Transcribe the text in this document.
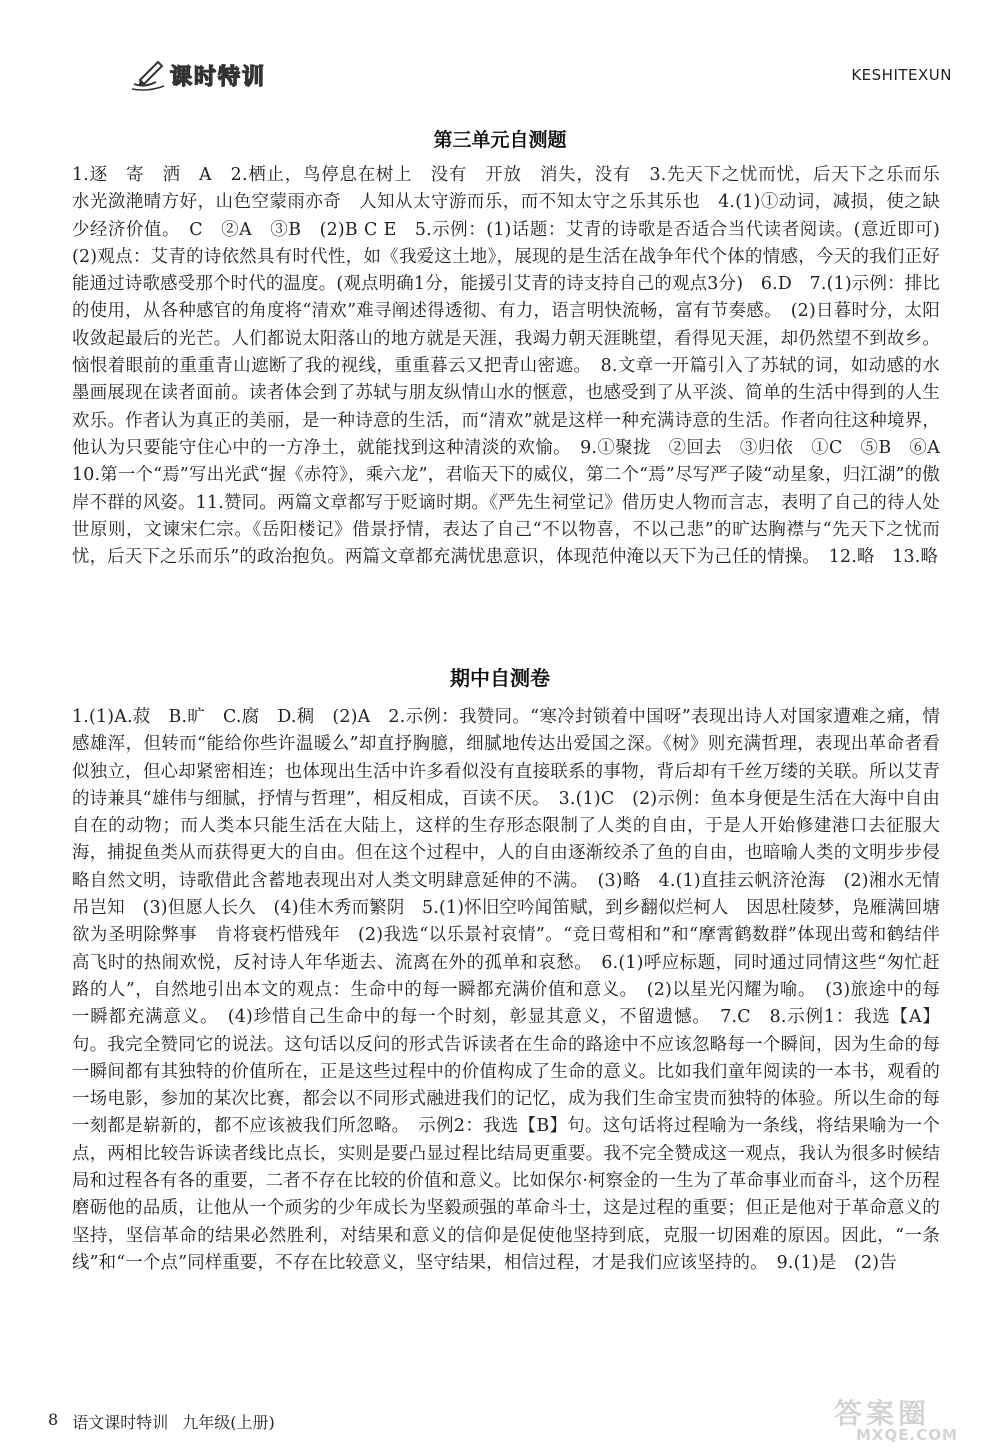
课时特训	KESHITEXUN
第三单元自测题
1.逐　寄　洒　A　2.栖止，鸟停息在树上　没有　开放　消失，没有　3.先天下之忧而忧，后天下之乐而乐　水光潋滟晴方好，山色空蒙雨亦奇　人知从太守游而乐，而不知太守之乐其乐也　4.(1)①动词，减损，使之缺少经济价值。　C　②A　③B　(2)B C E　5.示例：(1)话题：艾青的诗歌是否适合当代读者阅读。(意近即可)(2)观点：艾青的诗依然具有时代性，如《我爱这土地》，展现的是生活在战争年代个体的情感，今天的我们正好能通过诗歌感受那个时代的温度。(观点明确1分，能援引艾青的诗支持自己的观点3分)　6.D　7.(1)示例：排比的使用，从各种感官的角度将“清欢”难寻阐述得透彻、有力，语言明快流畅，富有节奏感。　(2)日暮时分，太阳收敛起最后的光芒。人们都说太阳落山的地方就是天涯，我竭力朝天涯眺望，看得见天涯，却仍然望不到故乡。恼恨着眼前的重重青山遮断了我的视线，重重暮云又把青山密遮。　8.文章一开篇引入了苏轼的词，如动感的水墨画展现在读者面前。读者体会到了苏轼与朋友纵情山水的惬意，也感受到了从平淡、简单的生活中得到的人生欢乐。作者认为真正的美丽，是一种诗意的生活，而“清欢”就是这样一种充满诗意的生活。作者向往这种境界，他认为只要能守住心中的一方净土，就能找到这种清淡的欢愉。　9.①聚拢　②回去　③归依　①C　⑤B　⑥A　10.第一个“焉”写出光武“握《赤符》，乘六龙”，君临天下的威仪，第二个“焉”尽写严子陵“动星象，归江湖”的傲岸不群的风姿。11.赞同。两篇文章都写于贬谪时期。《严先生祠堂记》借历史人物而言志，表明了自己的待人处世原则，文谏宋仁宗。《岳阳楼记》借景抒情，表达了自己“不以物喜，不以己悲”的旷达胸襟与“先天下之忧而忧，后天下之乐而乐”的政治抱负。两篇文章都充满忧患意识，体现范仲淹以天下为己任的情操。　12.略　13.略
期中自测卷
1.(1)A.菽　B.旷　C.腐　D.稠　(2)A　2.示例：我赞同。“寒冷封锁着中国呀”表现出诗人对国家遭难之痛，情感雄浑，但转而“能给你些许温暖么”却直抒胸臆，细腻地传达出爱国之深。《树》则充满哲理，表现出革命者看似独立，但心却紧密相连；也体现出生活中许多看似没有直接联系的事物，背后却有千丝万缕的关联。所以艾青的诗兼具“雄伟与细腻，抒情与哲理”，相反相成，百读不厌。　3.(1)C　(2)示例：鱼本身便是生活在大海中自由自在的动物；而人类本只能生活在大陆上，这样的生存形态限制了人类的自由，于是人开始修建港口去征服大海，捕捉鱼类从而获得更大的自由。但在这个过程中，人的自由逐渐绞杀了鱼的自由，也暗喻人类的文明步步侵略自然文明，诗歌借此含蓄地表现出对人类文明肆意延伸的不满。　(3)略　4.(1)直挂云帆济沧海　(2)湘水无情吊岂知　(3)但愿人长久　(4)佳木秀而繁阴　5.(1)怀旧空吟闻笛赋，到乡翻似烂柯人　因思杜陵梦，凫雁满回塘　欲为圣明除弊事　肯将衰朽惜残年　(2)我选“以乐景衬哀情”。“竞日莺相和”和“摩霄鹤数群”体现出莺和鹤结伴高飞时的热闹欢悦，反衬诗人年华逝去、流离在外的孤单和哀愁。　6.(1)呼应标题，同时通过同情这些“匆忙赶路的人”，自然地引出本文的观点：生命中的每一瞬都充满价值和意义。　(2)以星光闪耀为喻。　(3)旅途中的每一瞬都充满意义。　(4)珍惜自己生命中的每一个时刻，彰显其意义，不留遗憾。　7.C　8.示例1：我选【A】句。我完全赞同它的说法。这句话以反问的形式告诉读者在生命的路途中不应该忽略每一个瞬间，因为生命的每一瞬间都有其独特的价值所在，正是这些过程中的价值构成了生命的意义。比如我们童年阅读的一本书，观看的一场电影，参加的某次比赛，都会以不同形式融进我们的记忆，成为我们生命宝贵而独特的体验。所以生命的每一刻都是崭新的，都不应该被我们所忽略。　示例2：我选【B】句。这句话将过程喻为一条线，将结果喻为一个点，两相比较告诉读者线比点长，实则是要凸显过程比结局更重要。我不完全赞成这一观点，我认为很多时候结局和过程各有各的重要，二者不存在比较的价值和意义。比如保尔·柯察金的一生为了革命事业而奋斗，这个历程磨砺他的品质，让他从一个顽劣的少年成长为坚毅顽强的革命斗士，这是过程的重要；但正是他对于革命意义的坚持，坚信革命的结果必然胜利，对结果和意义的信仰是促使他坚持到底，克服一切困难的原因。因此，“一条线”和“一个点”同样重要，不存在比较意义，坚守结果，相信过程，才是我们应该坚持的。　9.(1)是　(2)告
8 语文课时特训 九年级(上册)	答案圈
MXQE.COM
